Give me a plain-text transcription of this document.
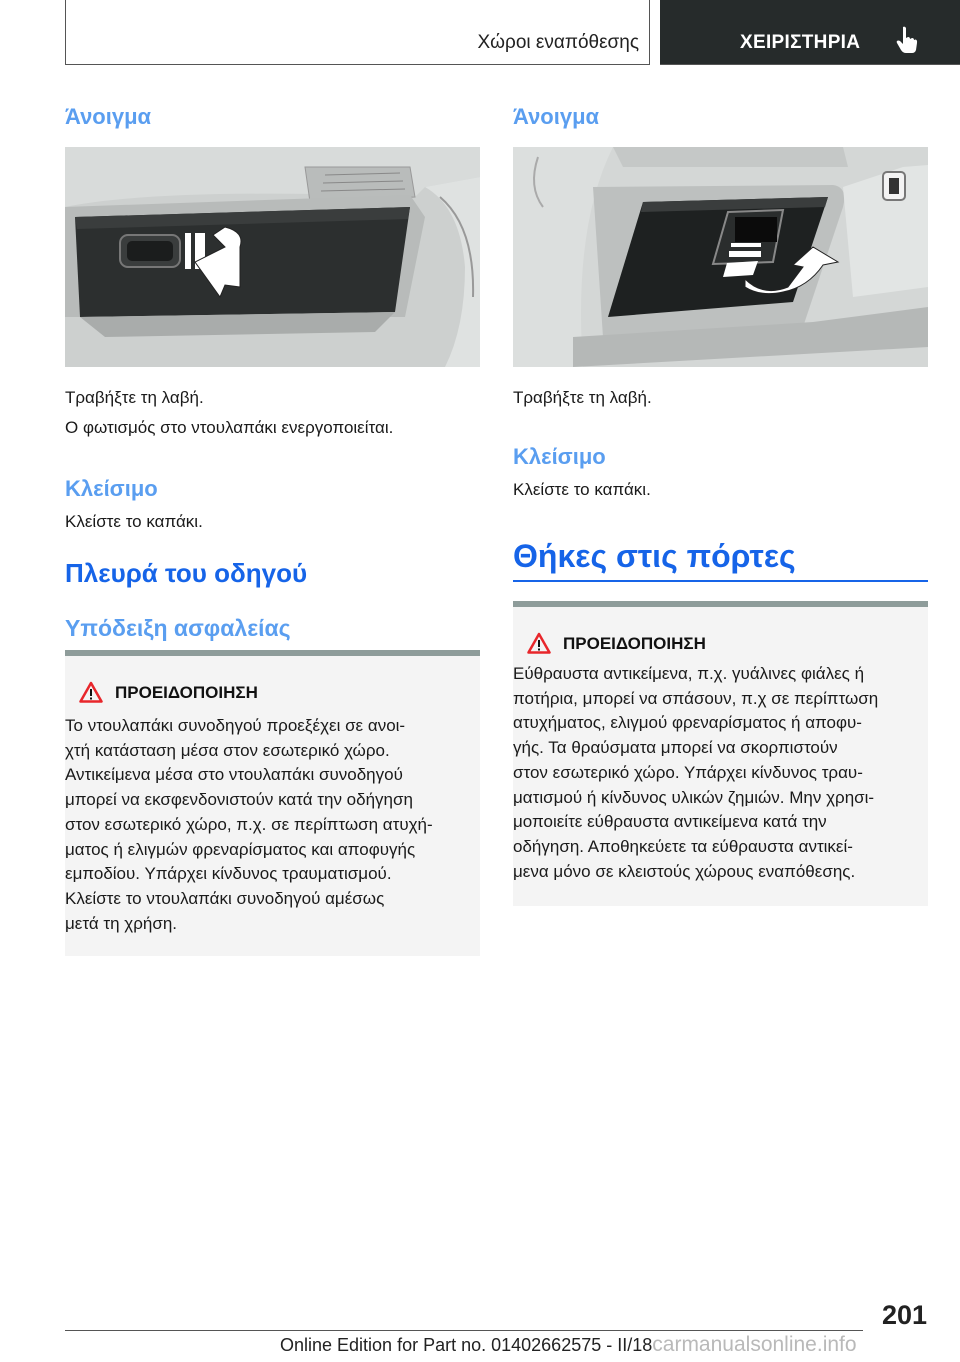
Χώροι εναπόθεσης	ΧΕΙΡΙΣΤΗΡΙΑ
Άνοιγμα
Τραβήξτε τη λαβή.
Ο φωτισμός στο ντουλαπάκι ενεργοποιείται.
Κλείσιμο
Κλείστε το καπάκι.
Πλευρά του οδηγού
Υπόδειξη ασφαλείας
ΠΡΟΕΙΔΟΠΟΙΗΣΗ
Το ντουλαπάκι συνοδηγού προεξέχει σε ανοι-
χτή κατάσταση μέσα στον εσωτερικό χώρο.
Αντικείμενα μέσα στο ντουλαπάκι συνοδηγού
μπορεί να εκσφενδονιστούν κατά την οδήγηση
στον εσωτερικό χώρο, π.χ. σε περίπτωση ατυχή-
ματος ή ελιγμών φρεναρίσματος και αποφυγής
εμποδίου. Υπάρχει κίνδυνος τραυματισμού.
Κλείστε το ντουλαπάκι συνοδηγού αμέσως
μετά τη χρήση.
Άνοιγμα
Τραβήξτε τη λαβή.
Κλείσιμο
Κλείστε το καπάκι.
Θήκες στις πόρτες
ΠΡΟΕΙΔΟΠΟΙΗΣΗ
Εύθραυστα αντικείμενα, π.χ. γυάλινες φιάλες ή
ποτήρια, μπορεί να σπάσουν, π.χ σε περίπτωση
ατυχήματος, ελιγμού φρεναρίσματος ή αποφυ-
γής. Τα θραύσματα μπορεί να σκορπιστούν
στον εσωτερικό χώρο. Υπάρχει κίνδυνος τραυ-
ματισμού ή κίνδυνος υλικών ζημιών. Μην χρησι-
μοποιείτε εύθραυστα αντικείμενα κατά την
οδήγηση. Αποθηκεύετε τα εύθραυστα αντικεί-
μενα μόνο σε κλειστούς χώρους εναπόθεσης.
201
Online Edition for Part no. 01402662575 - II/18carmanualsonline.info
